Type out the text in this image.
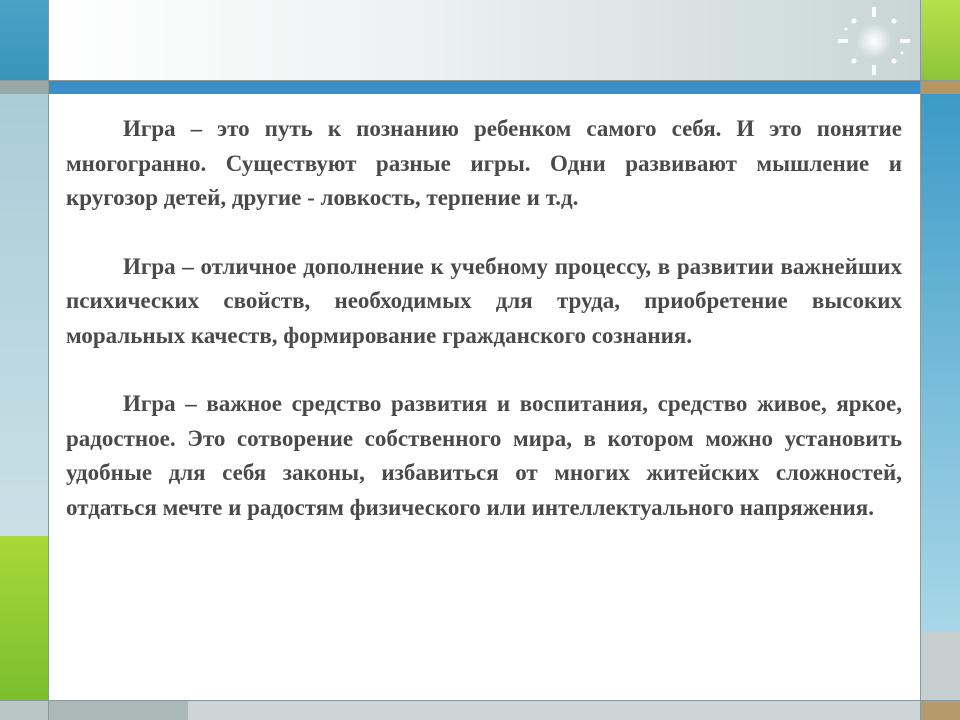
Игра – это путь к познанию ребенком самого себя. И это понятие многогранно. Существуют разные игры. Одни развивают мышление и кругозор детей, другие - ловкость, терпение и т.д.

Игра – отличное дополнение к учебному процессу, в развитии важнейших психических свойств, необходимых для труда, приобретение высоких моральных качеств, формирование гражданского сознания.

Игра – важное средство развития и воспитания, средство живое, яркое, радостное. Это сотворение собственного мира, в котором можно установить удобные для себя законы, избавиться от многих житейских сложностей, отдаться мечте и радостям физического или интеллектуального напряжения.
